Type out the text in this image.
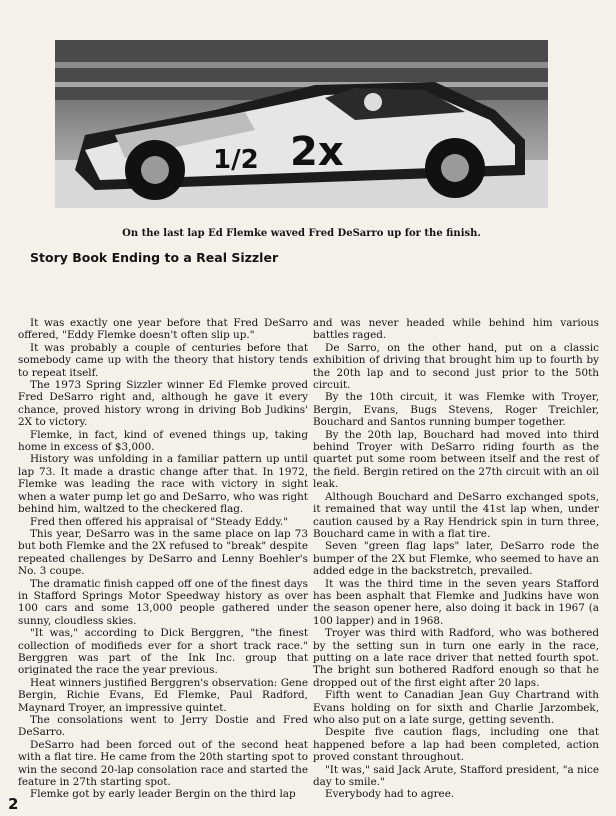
2x
1/2
On the last lap Ed Flemke waved Fred DeSarro up for the finish.
Story Book Ending to a Real Sizzler

It was exactly one year before that Fred DeSarro offered, "Eddy Flemke doesn't often slip up."

It was probably a couple of centuries before that somebody came up with the theory that history tends to repeat itself.

The 1973 Spring Sizzler winner Ed Flemke proved Fred DeSarro right and, although he gave it every chance, proved history wrong in driving Bob Judkins' 2X to victory.

Flemke, in fact, kind of evened things up, taking home in excess of $3,000.

History was unfolding in a familiar pattern up until lap 73. It made a drastic change after that. In 1972, Flemke was leading the race with victory in sight when a water pump let go and DeSarro, who was right behind him, waltzed to the checkered flag.

Fred then offered his appraisal of "Steady Eddy."

This year, DeSarro was in the same place on lap 73 but both Flemke and the 2X refused to "break" despite repeated challenges by DeSarro and Lenny Boehler's No. 3 coupe.

The dramatic finish capped off one of the finest days in Stafford Springs Motor Speedway history as over 100 cars and some 13,000 people gathered under sunny, cloudless skies.

"It was," according to Dick Berggren, "the finest collection of modifieds ever for a short track race." Berggren was part of the Ink Inc. group that originated the race the year previous.

Heat winners justified Berggren's observation: Gene Bergin, Richie Evans, Ed Flemke, Paul Radford, Maynard Troyer, an impressive quintet.

The consolations went to Jerry Dostie and Fred DeSarro.

DeSarro had been forced out of the second heat with a flat tire. He came from the 20th starting spot to win the second 20-lap consolation race and started the feature in 27th starting spot.

Flemke got by early leader Bergin on the third lap

and was never headed while behind him various battles raged.

De Sarro, on the other hand, put on a classic exhibition of driving that brought him up to fourth by the 20th lap and to second just prior to the 50th circuit.

By the 10th circuit, it was Flemke with Troyer, Bergin, Evans, Bugs Stevens, Roger Treichler, Bouchard and Santos running bumper together.

By the 20th lap, Bouchard had moved into third behind Troyer with DeSarro riding fourth as the quartet put some room between itself and the rest of the field. Bergin retired on the 27th circuit with an oil leak.

Although Bouchard and DeSarro exchanged spots, it remained that way until the 41st lap when, under caution caused by a Ray Hendrick spin in turn three, Bouchard came in with a flat tire.

Seven "green flag laps" later, DeSarro rode the bumper of the 2X but Flemke, who seemed to have an added edge in the backstretch, prevailed.

It was the third time in the seven years Stafford has been asphalt that Flemke and Judkins have won the season opener here, also doing it back in 1967 (a 100 lapper) and in 1968.

Troyer was third with Radford, who was bothered by the setting sun in turn one early in the race, putting on a late race driver that netted fourth spot. The bright sun bothered Radford enough so that he dropped out of the first eight after 20 laps.

Fifth went to Canadian Jean Guy Chartrand with Evans holding on for sixth and Charlie Jarzombek, who also put on a late surge, getting seventh.

Despite five caution flags, including one that happened before a lap had been completed, action proved constant throughout.

"It was," said Jack Arute, Stafford president, "a nice day to smile."

Everybody had to agree.

2
